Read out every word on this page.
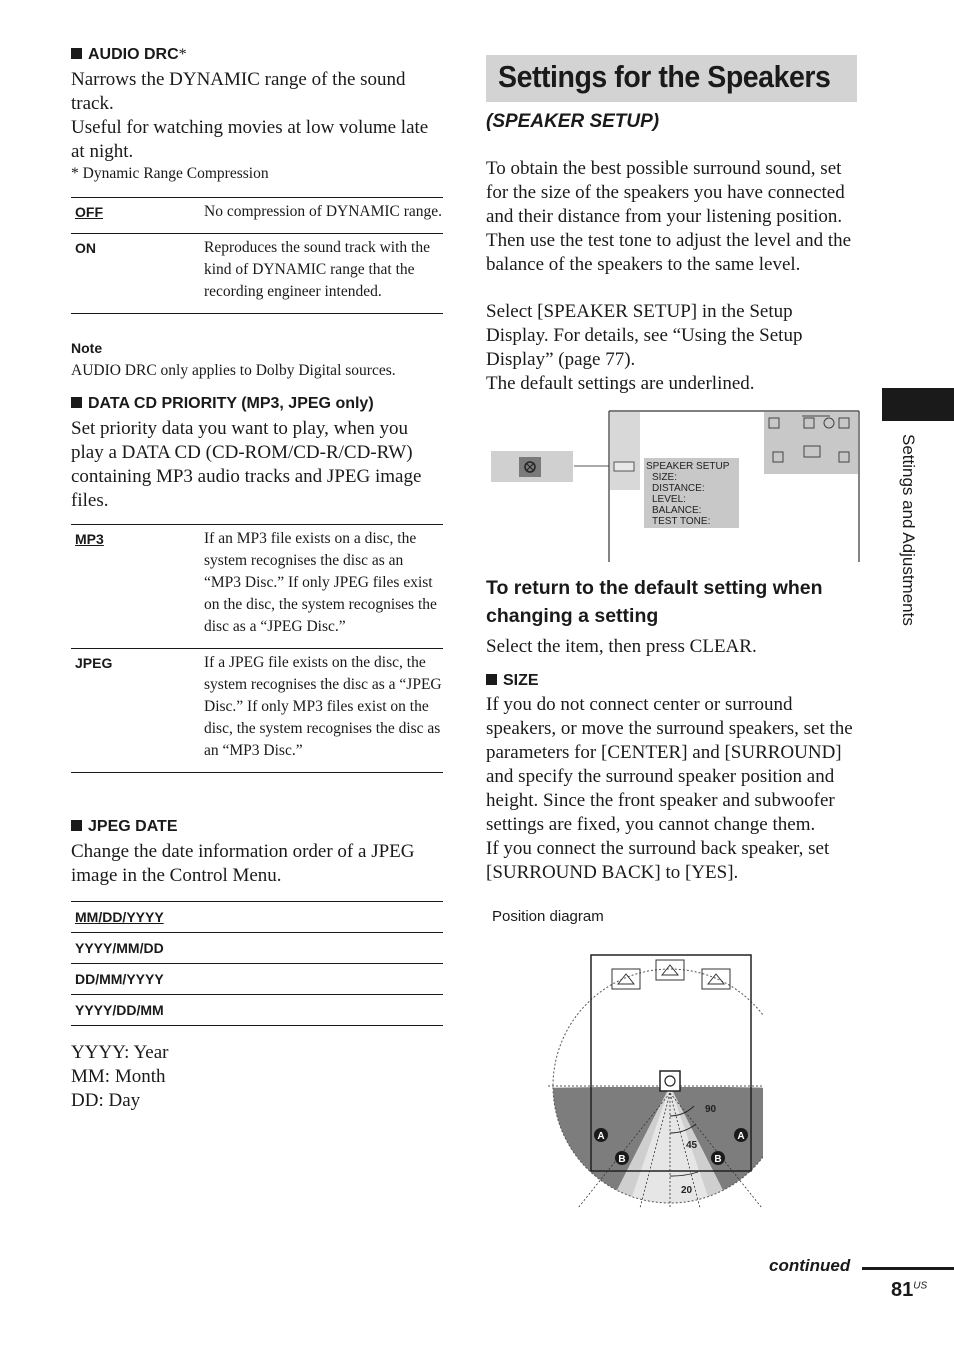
AUDIO DRC*
Narrows the DYNAMIC range of the sound track.
Useful for watching movies at low volume late at night.
* Dynamic Range Compression
OFF	No compression of DYNAMIC range.
ON	Reproduces the sound track with the kind of DYNAMIC range that the recording engineer intended.
Note
AUDIO DRC only applies to Dolby Digital sources.
DATA CD PRIORITY (MP3, JPEG only)
Set priority data you want to play, when you play a DATA CD (CD-ROM/CD-R/CD-RW) containing MP3 audio tracks and JPEG image files.
MP3	If an MP3 file exists on a disc, the system recognises the disc as an “MP3 Disc.” If only JPEG files exist on the disc, the system recognises the disc as a “JPEG Disc.”
JPEG	If a JPEG file exists on the disc, the system recognises the disc as a “JPEG Disc.” If only MP3 files exist on the disc, the system recognises the disc as an “MP3 Disc.”
JPEG DATE
Change the date information order of a JPEG image in the Control Menu.
MM/DD/YYYY
YYYY/MM/DD
DD/MM/YYYY
YYYY/DD/MM
YYYY: Year
MM: Month
DD: Day
Settings for the Speakers
(SPEAKER SETUP)
To obtain the best possible surround sound, set for the size of the speakers you have connected and their distance from your listening position. Then use the test tone to adjust the level and the balance of the speakers to the same level.
Select [SPEAKER SETUP] in the Setup Display. For details, see “Using the Setup Display” (page 77).
The default settings are underlined.
SPEAKER SETUP
SIZE:
DISTANCE:
LEVEL:
BALANCE:
TEST TONE:
To return to the default setting when changing a setting
Select the item, then press CLEAR.
SIZE
If you do not connect center or surround speakers, or move the surround speakers, set the parameters for [CENTER] and [SURROUND] and specify the surround speaker position and height. Since the front speaker and subwoofer settings are fixed, you cannot change them.
If you connect the surround back speaker, set [SURROUND BACK] to [YES].
Position diagram
90
45
20
A	A
B	B
Settings and Adjustments
continued
$81^{US}$
